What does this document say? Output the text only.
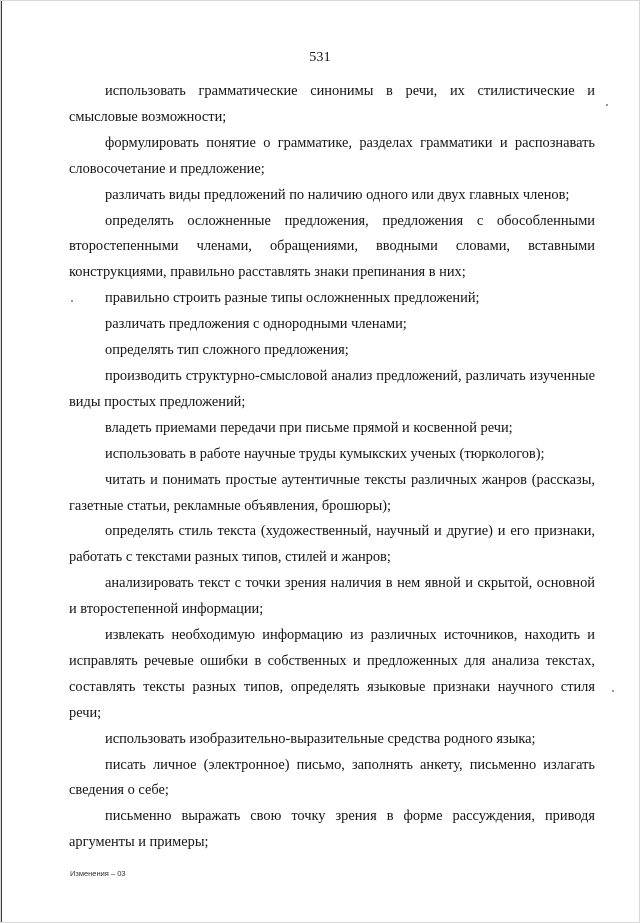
531

использовать грамматические синонимы в речи, их стилистические и смысловые возможности;

формулировать понятие о грамматике, разделах грамматики и распознавать словосочетание и предложение;

различать виды предложений по наличию одного или двух главных членов;

определять осложненные предложения, предложения с обособленными второстепенными членами, обращениями, вводными словами, вставными конструкциями, правильно расставлять знаки препинания в них;

правильно строить разные типы осложненных предложений;

различать предложения с однородными членами;

определять тип сложного предложения;

производить структурно-смысловой анализ предложений, различать изученные виды простых предложений;

владеть приемами передачи при письме прямой и косвенной речи;

использовать в работе научные труды кумыкских ученых (тюркологов);

читать и понимать простые аутентичные тексты различных жанров (рассказы, газетные статьи, рекламные объявления, брошюры);

определять стиль текста (художественный, научный и другие) и его признаки, работать с текстами разных типов, стилей и жанров;

анализировать текст с точки зрения наличия в нем явной и скрытой, основной и второстепенной информации;

извлекать необходимую информацию из различных источников, находить и исправлять речевые ошибки в собственных и предложенных для анализа текстах, составлять тексты разных типов, определять языковые признаки научного стиля речи;

использовать изобразительно-выразительные средства родного языка;

писать личное (электронное) письмо, заполнять анкету, письменно излагать сведения о себе;

письменно выражать свою точку зрения в форме рассуждения, приводя аргументы и примеры;

Изменения – 03
